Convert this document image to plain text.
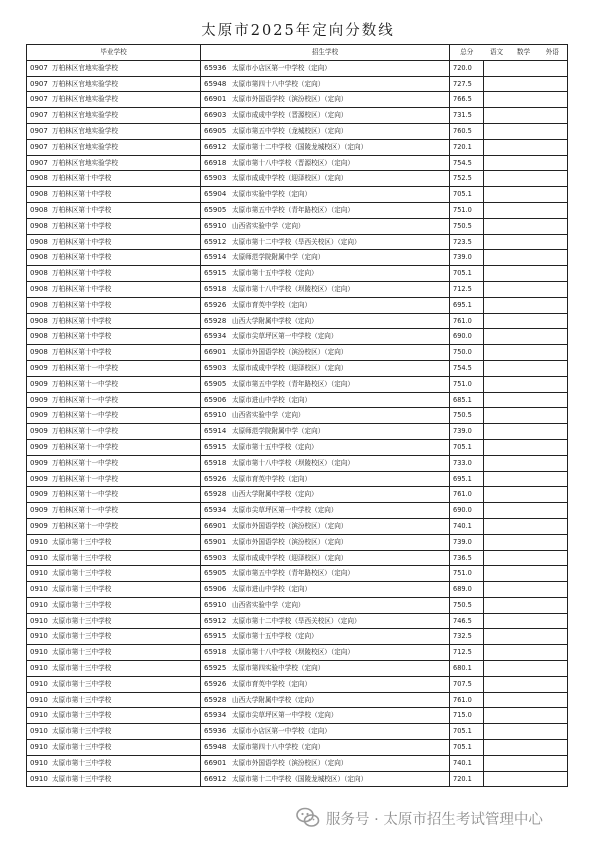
太原市2025年定向分数线
毕业学校	招生学校	总分	语文	数学	外语
0907 万柏林区官地实验学校	65936 太原市小店区第一中学校（定向）	720.0			
0907 万柏林区官地实验学校	65948 太原市第四十八中学校（定向）	727.5			
0907 万柏林区官地实验学校	66901 太原市外国语学校（滨汾校区）（定向）	766.5			
0907 万柏林区官地实验学校	66903 太原市成成中学校（晋源校区）（定向）	731.5			
0907 万柏林区官地实验学校	66905 太原市第五中学校（龙城校区）（定向）	760.5			
0907 万柏林区官地实验学校	66912 太原市第十二中学校（国陵龙城校区）（定向）	720.1			
0907 万柏林区官地实验学校	66918 太原市第十八中学校（晋源校区）（定向）	754.5			
0908 万柏林区第十中学校	65903 太原市成成中学校（迎泽校区）（定向）	752.5			
0908 万柏林区第十中学校	65904 太原市实验中学校（定向）	705.1			
0908 万柏林区第十中学校	65905 太原市第五中学校（青年路校区）（定向）	751.0			
0908 万柏林区第十中学校	65910 山西省实验中学（定向）	750.5			
0908 万柏林区第十中学校	65912 太原市第十二中学校（旱西关校区）（定向）	723.5			
0908 万柏林区第十中学校	65914 太原师范学院附属中学（定向）	739.0			
0908 万柏林区第十中学校	65915 太原市第十五中学校（定向）	705.1			
0908 万柏林区第十中学校	65918 太原市第十八中学校（坝陵校区）（定向）	712.5			
0908 万柏林区第十中学校	65926 太原市育英中学校（定向）	695.1			
0908 万柏林区第十中学校	65928 山西大学附属中学校（定向）	761.0			
0908 万柏林区第十中学校	65934 太原市尖草坪区第一中学校（定向）	690.0			
0908 万柏林区第十中学校	66901 太原市外国语学校（滨汾校区）（定向）	750.0			
0909 万柏林区第十一中学校	65903 太原市成成中学校（迎泽校区）（定向）	754.5			
0909 万柏林区第十一中学校	65905 太原市第五中学校（青年路校区）（定向）	751.0			
0909 万柏林区第十一中学校	65906 太原市进山中学校（定向）	685.1			
0909 万柏林区第十一中学校	65910 山西省实验中学（定向）	750.5			
0909 万柏林区第十一中学校	65914 太原师范学院附属中学（定向）	739.0			
0909 万柏林区第十一中学校	65915 太原市第十五中学校（定向）	705.1			
0909 万柏林区第十一中学校	65918 太原市第十八中学校（坝陵校区）（定向）	733.0			
0909 万柏林区第十一中学校	65926 太原市育英中学校（定向）	695.1			
0909 万柏林区第十一中学校	65928 山西大学附属中学校（定向）	761.0			
0909 万柏林区第十一中学校	65934 太原市尖草坪区第一中学校（定向）	690.0			
0909 万柏林区第十一中学校	66901 太原市外国语学校（滨汾校区）（定向）	740.1			
0910 太原市第十三中学校	65901 太原市外国语学校（滨汾校区）（定向）	739.0			
0910 太原市第十三中学校	65903 太原市成成中学校（迎泽校区）（定向）	736.5			
0910 太原市第十三中学校	65905 太原市第五中学校（青年路校区）（定向）	751.0			
0910 太原市第十三中学校	65906 太原市进山中学校（定向）	689.0			
0910 太原市第十三中学校	65910 山西省实验中学（定向）	750.5			
0910 太原市第十三中学校	65912 太原市第十二中学校（旱西关校区）（定向）	746.5			
0910 太原市第十三中学校	65915 太原市第十五中学校（定向）	732.5			
0910 太原市第十三中学校	65918 太原市第十八中学校（坝陵校区）（定向）	712.5			
0910 太原市第十三中学校	65925 太原市第四实验中学校（定向）	680.1			
0910 太原市第十三中学校	65926 太原市育英中学校（定向）	707.5			
0910 太原市第十三中学校	65928 山西大学附属中学校（定向）	761.0			
0910 太原市第十三中学校	65934 太原市尖草坪区第一中学校（定向）	715.0			
0910 太原市第十三中学校	65936 太原市小店区第一中学校（定向）	705.1			
0910 太原市第十三中学校	65948 太原市第四十八中学校（定向）	705.1			
0910 太原市第十三中学校	66901 太原市外国语学校（滨汾校区）（定向）	740.1			
0910 太原市第十三中学校	66912 太原市第十二中学校（国陵龙城校区）（定向）	720.1			
服务号 · 太原市招生考试管理中心
